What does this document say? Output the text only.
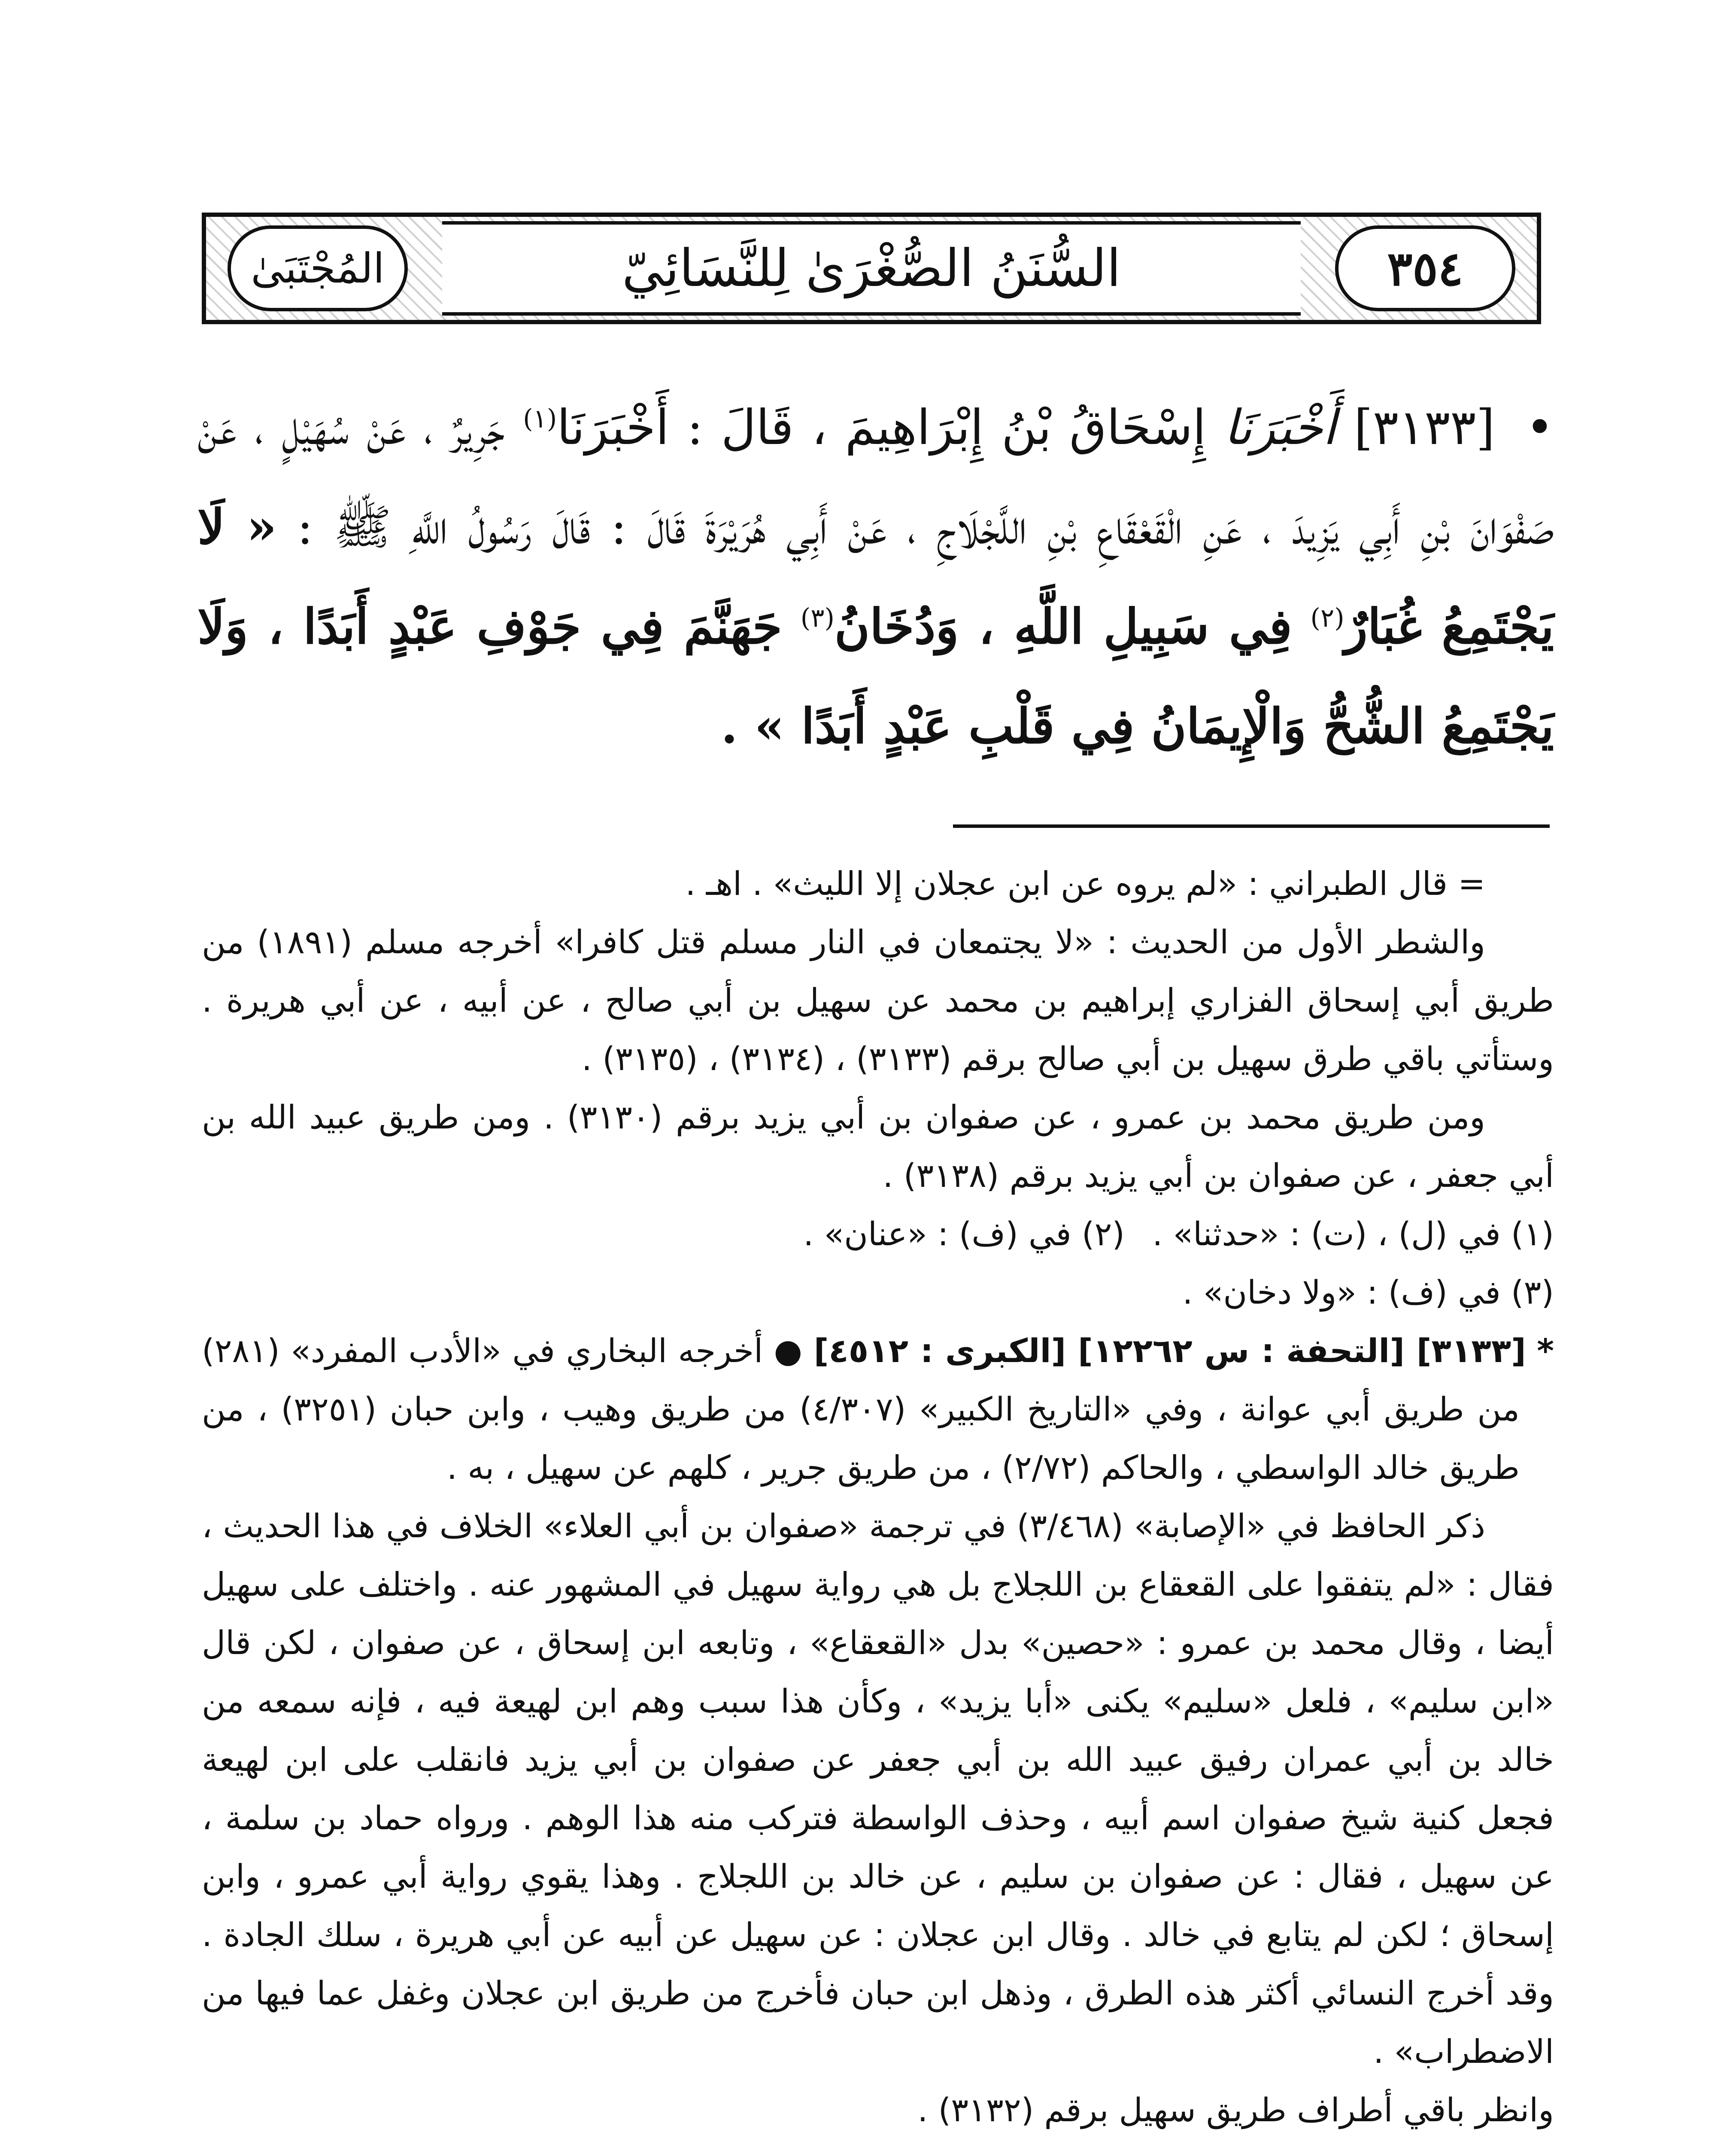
المُجْتَبَىٰ	السُّنَنُ الصُّغْرَىٰ لِلنَّسَائِيّ	٣٥٤
• [٣١٣٣] أَخْبَرَنَا إِسْحَاقُ بْنُ إِبْرَاهِيمَ ، قَالَ : أَخْبَرَنَا$^{(١)}$ جَرِيرٌ ، عَنْ سُهَيْلٍ ، عَنْ صَفْوَانَ بْنِ أَبِي يَزِيدَ ، عَنِ الْقَعْقَاعِ بْنِ اللَّجْلَاجِ ، عَنْ أَبِي هُرَيْرَةَ قَالَ : قَالَ رَسُولُ اللَّهِ ﷺ : « لَا يَجْتَمِعُ غُبَارٌ$^{(٢)}$ فِي سَبِيلِ اللَّهِ ، وَدُخَانُ$^{(٣)}$ جَهَنَّمَ فِي جَوْفِ عَبْدٍ أَبَدًا ، وَلَا يَجْتَمِعُ الشُّحُّ وَالْإِيمَانُ فِي قَلْبِ عَبْدٍ أَبَدًا » .

= قال الطبراني : «لم يروه عن ابن عجلان إلا الليث» . اهـ .

والشطر الأول من الحديث : «لا يجتمعان في النار مسلم قتل كافرا» أخرجه مسلم (١٨٩١) من طريق أبي إسحاق الفزاري إبراهيم بن محمد عن سهيل بن أبي صالح ، عن أبيه ، عن أبي هريرة . وستأتي باقي طرق سهيل بن أبي صالح برقم (٣١٣٣) ، (٣١٣٤) ، (٣١٣٥) .

ومن طريق محمد بن عمرو ، عن صفوان بن أبي يزيد برقم (٣١٣٠) . ومن طريق عبيد الله بن أبي جعفر ، عن صفوان بن أبي يزيد برقم (٣١٣٨) .

(١) في (ل) ، (ت) : «حدثنا» .
(٢) في (ف) : «عنان» .

(٣) في (ف) : «ولا دخان» .

* [٣١٣٣] [التحفة : س ١٢٢٦٢] [الكبرى : ٤٥١٢] ● أخرجه البخاري في «الأدب المفرد» (٢٨١) من طريق أبي عوانة ، وفي «التاريخ الكبير» (٤/٣٠٧) من طريق وهيب ، وابن حبان (٣٢٥١) ، من طريق خالد الواسطي ، والحاكم (٢/٧٢) ، من طريق جرير ، كلهم عن سهيل ، به .

ذكر الحافظ في «الإصابة» (٣/٤٦٨) في ترجمة «صفوان بن أبي العلاء» الخلاف في هذا الحديث ، فقال : «لم يتفقوا على القعقاع بن اللجلاج بل هي رواية سهيل في المشهور عنه . واختلف على سهيل أيضا ، وقال محمد بن عمرو : «حصين» بدل «القعقاع» ، وتابعه ابن إسحاق ، عن صفوان ، لكن قال «ابن سليم» ، فلعل «سليم» يكنى «أبا يزيد» ، وكأن هذا سبب وهم ابن لهيعة فيه ، فإنه سمعه من خالد بن أبي عمران رفيق عبيد الله بن أبي جعفر عن صفوان بن أبي يزيد فانقلب على ابن لهيعة فجعل كنية شيخ صفوان اسم أبيه ، وحذف الواسطة فتركب منه هذا الوهم . ورواه حماد بن سلمة ، عن سهيل ، فقال : عن صفوان بن سليم ، عن خالد بن اللجلاج . وهذا يقوي رواية أبي عمرو ، وابن إسحاق ؛ لكن لم يتابع في خالد . وقال ابن عجلان : عن سهيل عن أبيه عن أبي هريرة ، سلك الجادة . وقد أخرج النسائي أكثر هذه الطرق ، وذهل ابن حبان فأخرج من طريق ابن عجلان وغفل عما فيها من الاضطراب» .

وانظر باقي أطراف طريق سهيل برقم (٣١٣٢) .
